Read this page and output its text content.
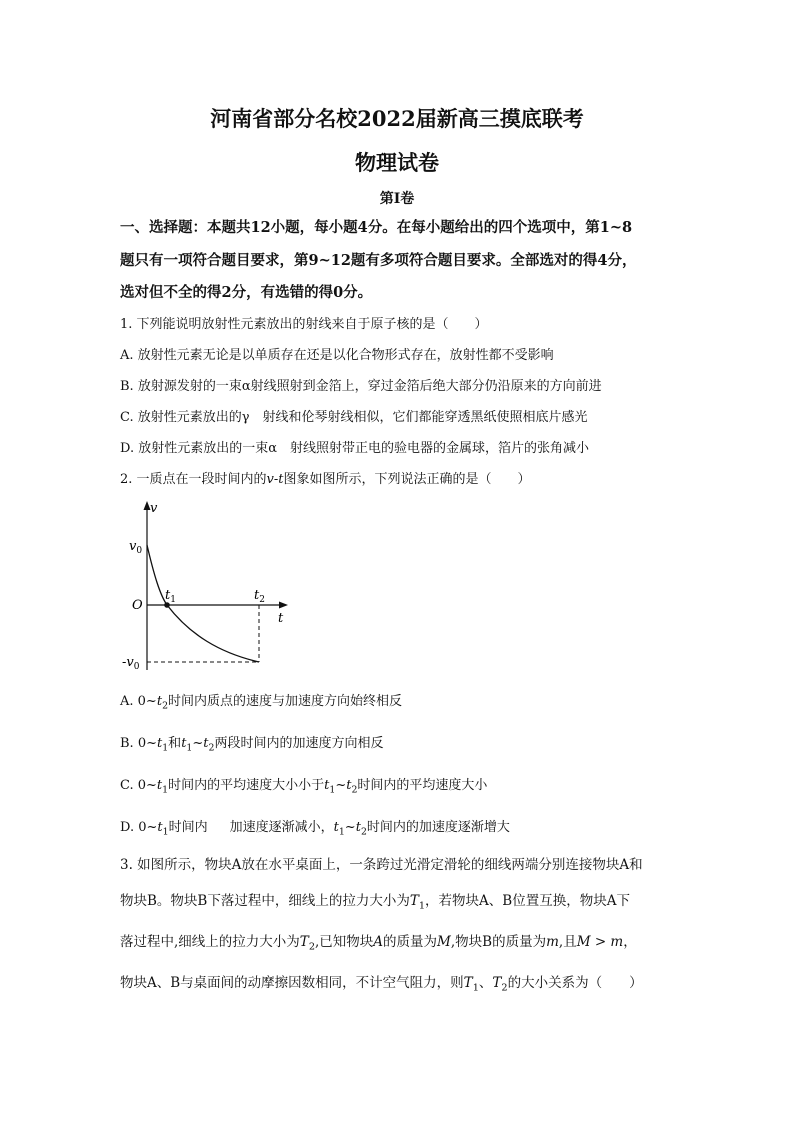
河南省部分名校2022届新高三摸底联考
物理试卷
第I卷
一、选择题：本题共12小题，每小题4分。在每小题给出的四个选项中，第1~8
题只有一项符合题目要求，第9~12题有多项符合题目要求。全部选对的得4分，
选对但不全的得2分，有选错的得0分。
1. 下列能说明放射性元素放出的射线来自于原子核的是（　　）
A. 放射性元素无论是以单质存在还是以化合物形式存在，放射性都不受影响
B. 放射源发射的一束α射线照射到金箔上，穿过金箔后绝大部分仍沿原来的方向前进
C. 放射性元素放出的γ　射线和伦琴射线相似，它们都能穿透黑纸使照相底片感光
D. 放射性元素放出的一束α　射线照射带正电的验电器的金属球，箔片的张角减小
2. 一质点在一段时间内的v-t图象如图所示，下列说法正确的是（　　）
v
t
$v_0$
O
$-v_0$
$t_1$	$t_2$
A. $0\sim t_2$时间内质点的速度与加速度方向始终相反
B. $0\sim t_1$和$t_1\sim t_2$两段时间内的加速度方向相反
C. $0\sim t_1$时间内的平均速度大小小于$t_1\sim t_2$时间内的平均速度大小
D. $0\sim t_1$时间内 加速度逐渐减小，$t_1\sim t_2$时间内的加速度逐渐增大
3. 如图所示，物块A放在水平桌面上，一条跨过光滑定滑轮的细线两端分别连接物块A和
物块B。物块B下落过程中，细线上的拉力大小为$T_1$，若物块A、B位置互换，物块A下
落过程中,细线上的拉力大小为$T_2$,已知物块A的质量为M,物块B的质量为m,且M > m，
物块A、B与桌面间的动摩擦因数相同，不计空气阻力，则$T_1$、$T_2$的大小关系为（　　）
